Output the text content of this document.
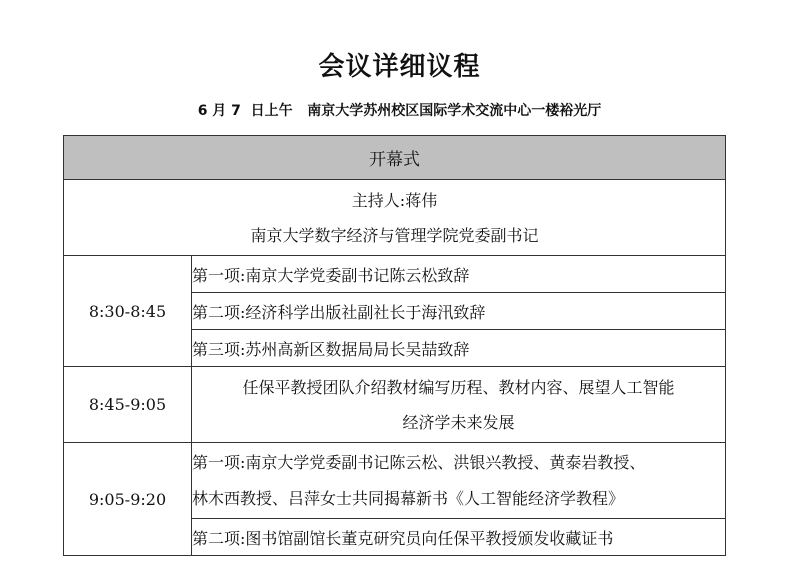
会议详细议程
6 月 7  日上午   南京大学苏州校区国际学术交流中心一楼裕光厅
开幕式	

主持人:蒋伟
南京大学数字经济与管理学院党委副书记	

8:30-8:45	第一项:南京大学党委副书记陈云松致辞
	第二项:经济科学出版社副社长于海汛致辞
	第三项:苏州高新区数据局局长吴喆致辞
8:45-9:05	任保平教授团队介绍教材编写历程、教材内容、展望人工智能
经济学未来发展

9:05-9:20	第一项:南京大学党委副书记陈云松、洪银兴教授、黄泰岩教授、
林木西教授、吕萍女士共同揭幕新书《人工智能经济学教程》

	第二项:图书馆副馆长董克研究员向任保平教授颁发收藏证书
